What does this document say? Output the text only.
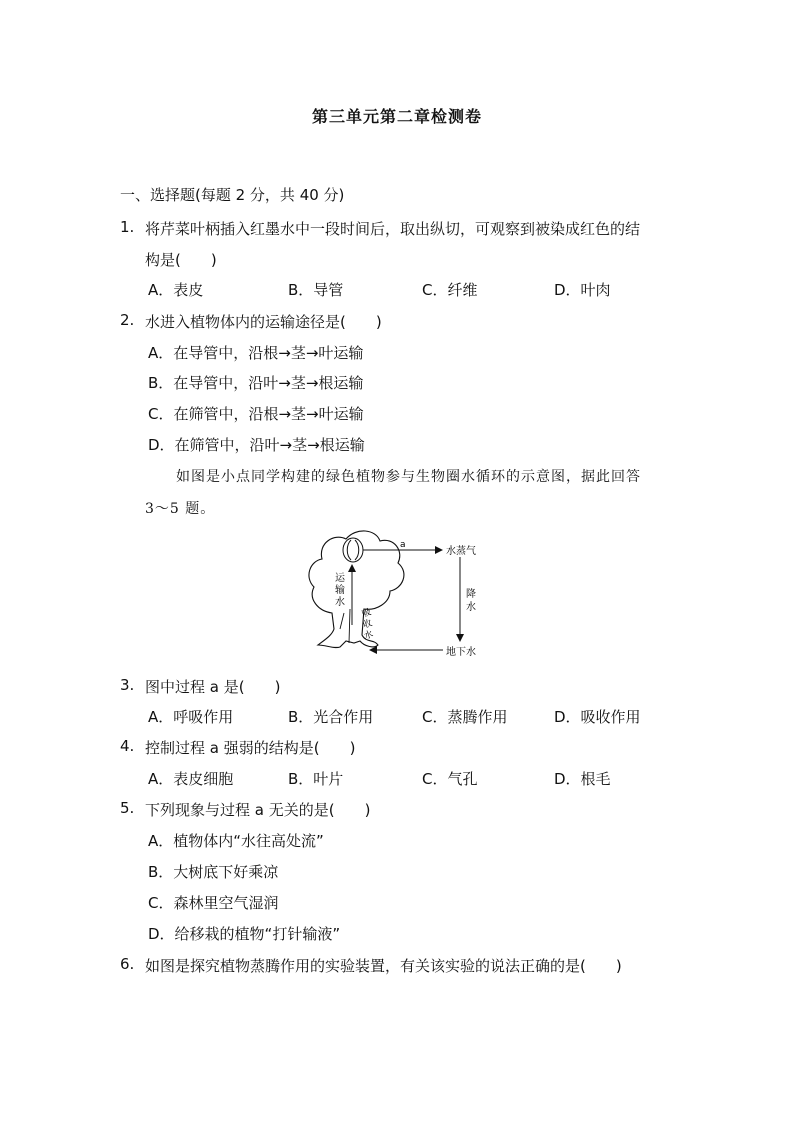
第三单元第二章检测卷
一、选择题(每题 2 分，共 40 分)
1. 将芹菜叶柄插入红墨水中一段时间后，取出纵切，可观察到被染成红色的结
构是(　　)
A．表皮	B．导管	C．纤维	D．叶肉
2. 水进入植物体内的运输途径是(　　)
A．在导管中，沿根→茎→叶运输
B．在导管中，沿叶→茎→根运输
C．在筛管中，沿根→茎→叶运输
D．在筛管中，沿叶→茎→根运输
如图是小点同学构建的绿色植物参与生物圈水循环的示意图，据此回答
3～5 题。
a
水蒸气
降
水
地下水
运
输
水
吸
收
水
3. 图中过程 a 是(　　)
A．呼吸作用	B．光合作用	C．蒸腾作用	D．吸收作用
4. 控制过程 a 强弱的结构是(　　)
A．表皮细胞	B．叶片	C．气孔	D．根毛
5. 下列现象与过程 a 无关的是(　　)
A．植物体内“水往高处流”
B．大树底下好乘凉
C．森林里空气湿润
D．给移栽的植物“打针输液”
6. 如图是探究植物蒸腾作用的实验装置，有关该实验的说法正确的是(　　)
